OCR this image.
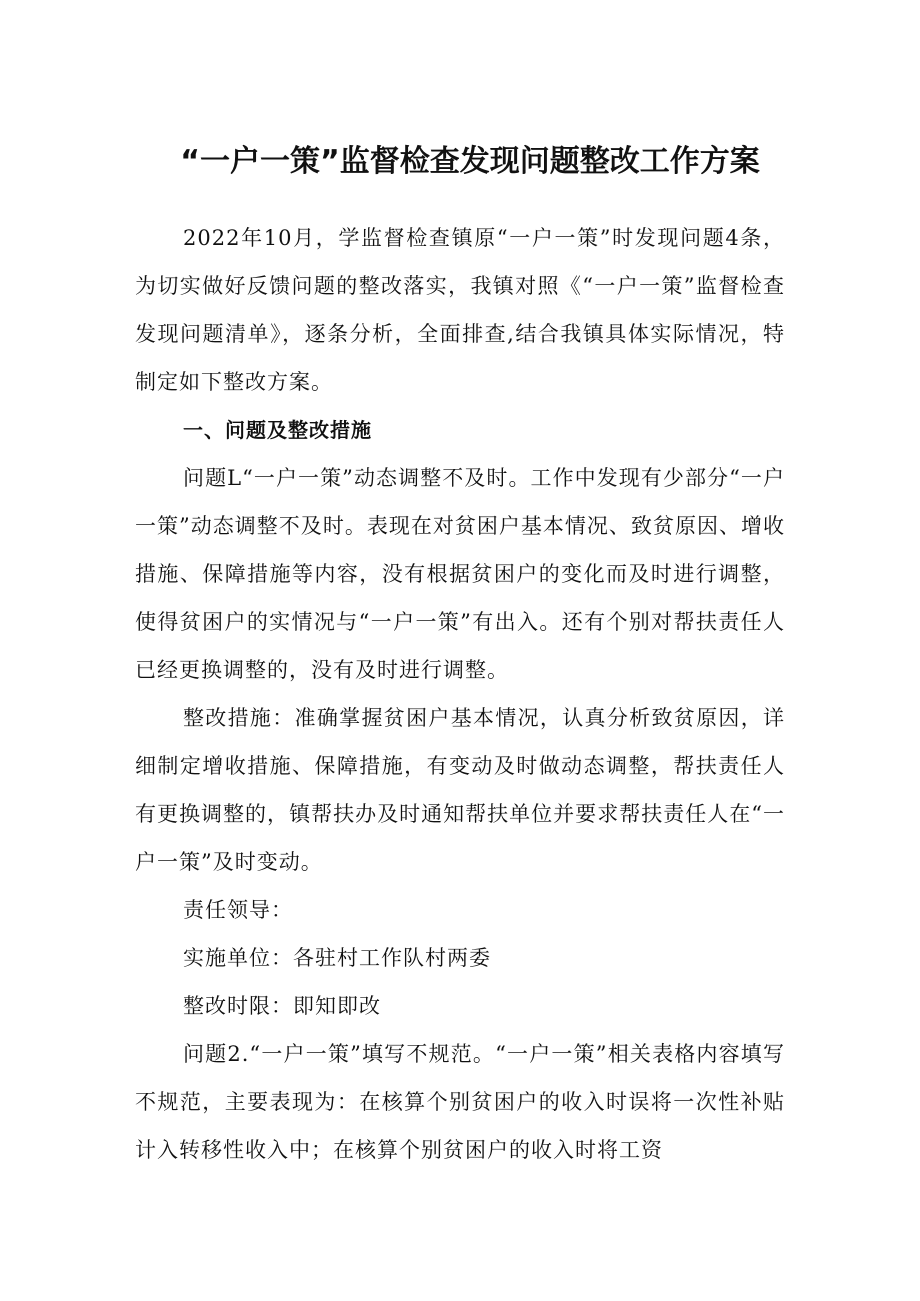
“一户一策”监督检查发现问题整改工作方案

2022年10月，学监督检查镇原“一户一策”时发现问题4条，为切实做好反馈问题的整改落实，我镇对照《“一户一策”监督检查发现问题清单》，逐条分析，全面排查,结合我镇具体实际情况，特制定如下整改方案。

一、问题及整改措施

问题L“一户一策”动态调整不及时。工作中发现有少部分“一户一策”动态调整不及时。表现在对贫困户基本情况、致贫原因、增收措施、保障措施等内容，没有根据贫困户的变化而及时进行调整，使得贫困户的实情况与“一户一策”有出入。还有个别对帮扶责任人已经更换调整的，没有及时进行调整。

整改措施：准确掌握贫困户基本情况，认真分析致贫原因，详细制定增收措施、保障措施，有变动及时做动态调整，帮扶责任人有更换调整的，镇帮扶办及时通知帮扶单位并要求帮扶责任人在“一户一策”及时变动。

责任领导：

实施单位：各驻村工作队村两委

整改时限：即知即改

问题2.“一户一策”填写不规范。“一户一策”相关表格内容填写不规范，主要表现为：在核算个别贫困户的收入时误将一次性补贴计入转移性收入中；在核算个别贫困户的收入时将工资
